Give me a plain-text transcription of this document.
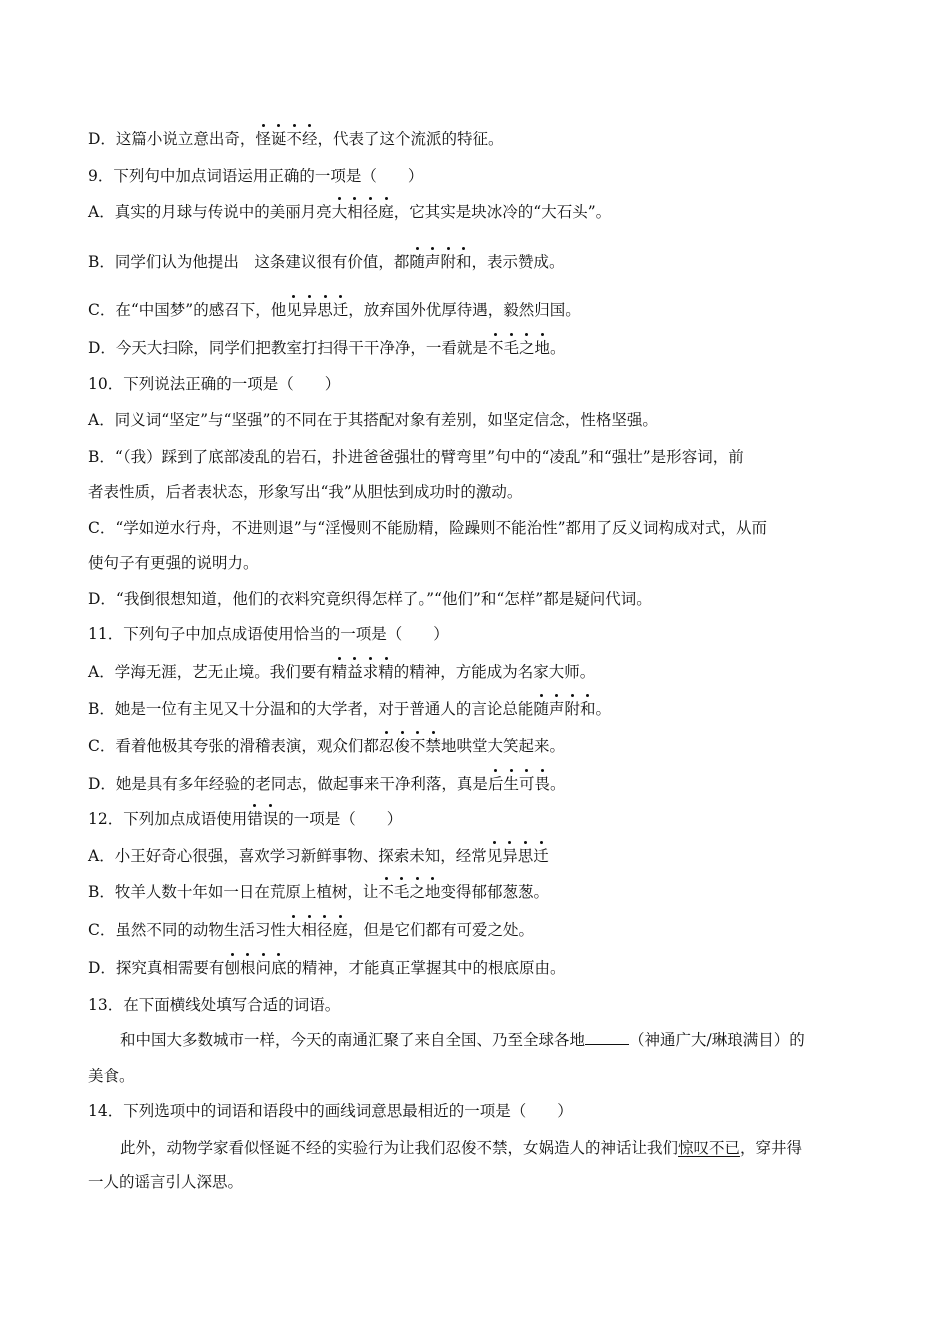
D．这篇小说立意出奇，怪诞不经，代表了这个流派的特征。
9．下列句中加点词语运用正确的一项是（　　）
A．真实的月球与传说中的美丽月亮大相径庭，它其实是块冰冷的“大石头”。
B．同学们认为他提出　这条建议很有价值，都随声附和，表示赞成。
C．在“中国梦”的感召下，他见异思迁，放弃国外优厚待遇，毅然归国。
D．今天大扫除，同学们把教室打扫得干干净净，一看就是不毛之地。
10．下列说法正确的一项是（　　）
A．同义词“坚定”与“坚强”的不同在于其搭配对象有差别，如坚定信念，性格坚强。
B．“（我）踩到了底部凌乱的岩石，扑进爸爸强壮的臂弯里”句中的“凌乱”和“强壮”是形容词，前
者表性质，后者表状态，形象写出“我”从胆怯到成功时的激动。
C．“学如逆水行舟，不进则退”与“淫慢则不能励精，险躁则不能治性”都用了反义词构成对式，从而
使句子有更强的说明力。
D．“我倒很想知道，他们的衣料究竟织得怎样了。”“他们”和“怎样”都是疑问代词。
11．下列句子中加点成语使用恰当的一项是（　　）
A．学海无涯，艺无止境。我们要有精益求精的精神，方能成为名家大师。
B．她是一位有主见又十分温和的大学者，对于普通人的言论总能随声附和。
C．看着他极其夸张的滑稽表演，观众们都忍俊不禁地哄堂大笑起来。
D．她是具有多年经验的老同志，做起事来干净利落，真是后生可畏。
12．下列加点成语使用错误的一项是（　　）
A．小王好奇心很强，喜欢学习新鲜事物、探索未知，经常见异思迁
B．牧羊人数十年如一日在荒原上植树，让不毛之地变得郁郁葱葱。
C．虽然不同的动物生活习性大相径庭，但是它们都有可爱之处。
D．探究真相需要有刨根问底的精神，才能真正掌握其中的根底原由。
13．在下面横线处填写合适的词语。
和中国大多数城市一样，今天的南通汇聚了来自全国、乃至全球各地	（神通广大/琳琅满目）的
美食。
14．下列选项中的词语和语段中的画线词意思最相近的一项是（　　）
此外，动物学家看似怪诞不经的实验行为让我们忍俊不禁，女娲造人的神话让我们惊叹不已，穿井得
一人的谣言引人深思。
